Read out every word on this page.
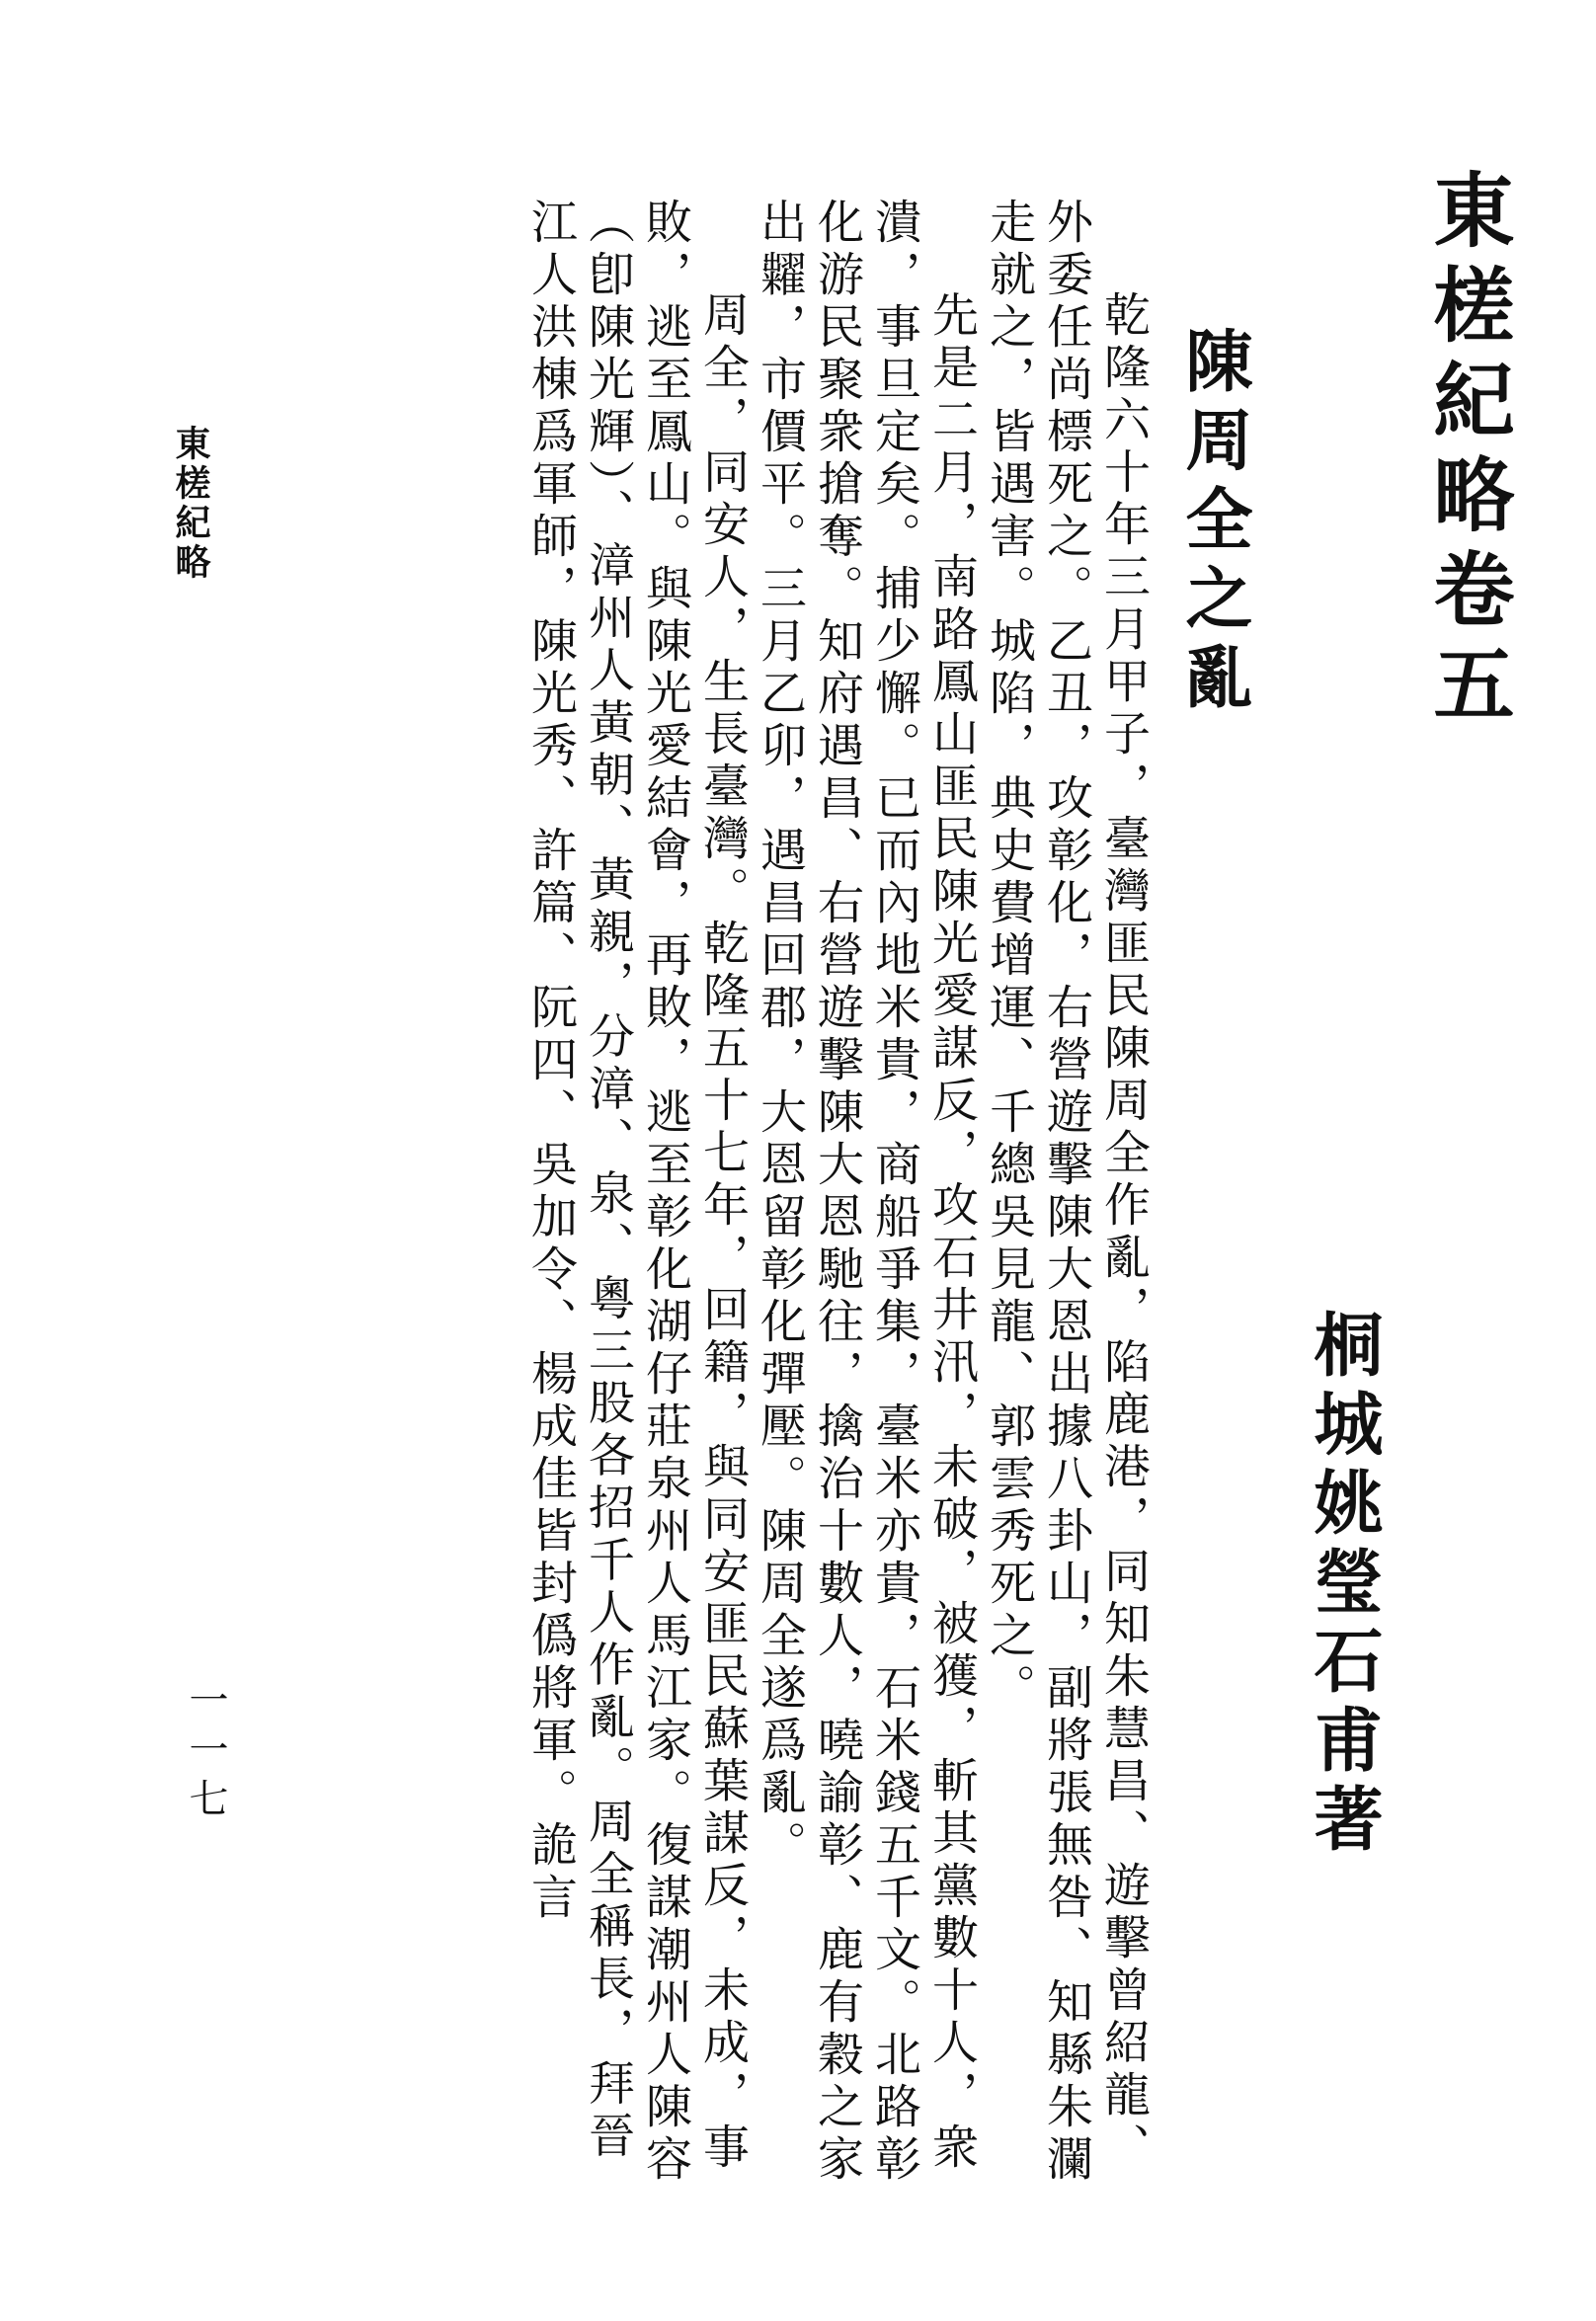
東槎紀略卷五
桐城姚瑩石甫著
陳周全之亂

乾隆六十年三月甲子，臺灣匪民陳周全作亂，陷鹿港，同知朱慧昌、遊擊曾紹龍、外委任尚標死之。乙丑，攻彰化，右營遊擊陳大恩出據八卦山，副將張無咎、知縣朱瀾走就之，皆遇害。城陷，典史費增運、千總吳見龍、郭雲秀死之。

先是二月，南路鳳山匪民陳光愛謀反，攻石井汛，未破，被獲，斬其黨數十人，衆潰，事旦定矣。捕少懈。已而內地米貴，商船爭集，臺米亦貴，石米錢五千文。北路彰化游民聚衆搶奪。知府遇昌、右營遊擊陳大恩馳往，擒治十數人，曉諭彰、鹿有穀之家出糶，市價平。三月乙卯，遇昌回郡，大恩留彰化彈壓。陳周全遂爲亂。

周全，同安人，生長臺灣。乾隆五十七年，回籍，與同安匪民蘇葉謀反，未成，事敗，逃至鳳山。與陳光愛結會，再敗，逃至彰化湖仔莊泉州人馬江家。復謀潮州人陳容（卽陳光輝）、漳州人黃朝、黃親，分漳、泉、粵三股各招千人作亂。周全稱長，拜晉江人洪棟爲軍師，陳光秀、許篇、阮四、吳加令、楊成佳皆封僞將軍。詭言

東槎紀略
一一七
